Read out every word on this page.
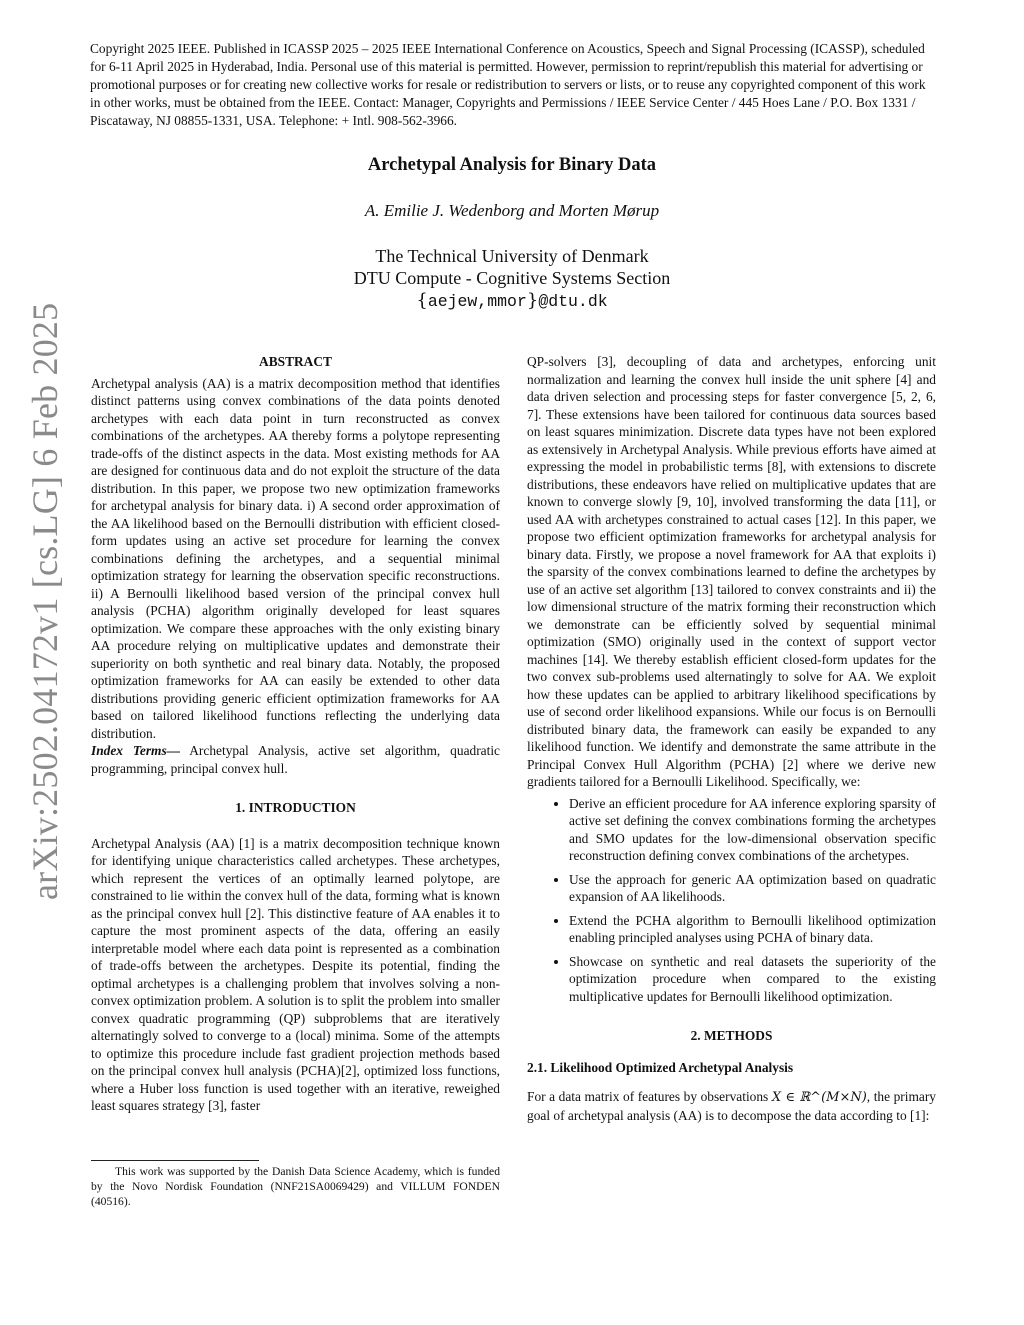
Copyright 2025 IEEE. Published in ICASSP 2025 – 2025 IEEE International Conference on Acoustics, Speech and Signal Processing (ICASSP), scheduled for 6-11 April 2025 in Hyderabad, India. Personal use of this material is permitted. However, permission to reprint/republish this material for advertising or promotional purposes or for creating new collective works for resale or redistribution to servers or lists, or to reuse any copyrighted component of this work in other works, must be obtained from the IEEE. Contact: Manager, Copyrights and Permissions / IEEE Service Center / 445 Hoes Lane / P.O. Box 1331 / Piscataway, NJ 08855-1331, USA. Telephone: + Intl. 908-562-3966.
Archetypal Analysis for Binary Data
A. Emilie J. Wedenborg and Morten Mørup
The Technical University of Denmark
DTU Compute - Cognitive Systems Section
{aejew,mmor}@dtu.dk
arXiv:2502.04172v1 [cs.LG] 6 Feb 2025	ABSTRACT

Archetypal analysis (AA) is a matrix decomposition method that identifies distinct patterns using convex combinations of the data points denoted archetypes with each data point in turn reconstructed as convex combinations of the archetypes. AA thereby forms a polytope representing trade-offs of the distinct aspects in the data. Most existing methods for AA are designed for continuous data and do not exploit the structure of the data distribution. In this paper, we propose two new optimization frameworks for archetypal analysis for binary data. i) A second order approximation of the AA likelihood based on the Bernoulli distribution with efficient closed-form updates using an active set procedure for learning the convex combinations defining the archetypes, and a sequential minimal optimization strategy for learning the observation specific reconstructions. ii) A Bernoulli likelihood based version of the principal convex hull analysis (PCHA) algorithm originally developed for least squares optimization. We compare these approaches with the only existing binary AA procedure relying on multiplicative updates and demonstrate their superiority on both synthetic and real binary data. Notably, the proposed optimization frameworks for AA can easily be extended to other data distributions providing generic efficient optimization frameworks for AA based on tailored likelihood functions reflecting the underlying data distribution.

Index Terms— Archetypal Analysis, active set algorithm, quadratic programming, principal convex hull.

1. INTRODUCTION

Archetypal Analysis (AA) [1] is a matrix decomposition technique known for identifying unique characteristics called archetypes. These archetypes, which represent the vertices of an optimally learned polytope, are constrained to lie within the convex hull of the data, forming what is known as the principal convex hull [2]. This distinctive feature of AA enables it to capture the most prominent aspects of the data, offering an easily interpretable model where each data point is represented as a combination of trade-offs between the archetypes. Despite its potential, finding the optimal archetypes is a challenging problem that involves solving a non-convex optimization problem. A solution is to split the problem into smaller convex quadratic programming (QP) subproblems that are iteratively alternatingly solved to converge to a (local) minima. Some of the attempts to optimize this procedure include fast gradient projection methods based on the principal convex hull analysis (PCHA)[2], optimized loss functions, where a Huber loss function is used together with an iterative, reweighed least squares strategy [3], faster

This work was supported by the Danish Data Science Academy, which is funded by the Novo Nordisk Foundation (NNF21SA0069429) and VILLUM FONDEN (40516).

QP-solvers [3], decoupling of data and archetypes, enforcing unit normalization and learning the convex hull inside the unit sphere [4] and data driven selection and processing steps for faster convergence [5, 2, 6, 7]. These extensions have been tailored for continuous data sources based on least squares minimization. Discrete data types have not been explored as extensively in Archetypal Analysis. While previous efforts have aimed at expressing the model in probabilistic terms [8], with extensions to discrete distributions, these endeavors have relied on multiplicative updates that are known to converge slowly [9, 10], involved transforming the data [11], or used AA with archetypes constrained to actual cases [12]. In this paper, we propose two efficient optimization frameworks for archetypal analysis for binary data. Firstly, we propose a novel framework for AA that exploits i) the sparsity of the convex combinations learned to define the archetypes by use of an active set algorithm [13] tailored to convex constraints and ii) the low dimensional structure of the matrix forming their reconstruction which we demonstrate can be efficiently solved by sequential minimal optimization (SMO) originally used in the context of support vector machines [14]. We thereby establish efficient closed-form updates for the two convex sub-problems used alternatingly to solve for AA. We exploit how these updates can be applied to arbitrary likelihood specifications by use of second order likelihood expansions. While our focus is on Bernoulli distributed binary data, the framework can easily be expanded to any likelihood function. We identify and demonstrate the same attribute in the Principal Convex Hull Algorithm (PCHA) [2] where we derive new gradients tailored for a Bernoulli Likelihood. Specifically, we:

• Derive an efficient procedure for AA inference exploring sparsity of active set defining the convex combinations forming the archetypes and SMO updates for the low-dimensional observation specific reconstruction defining convex combinations of the archetypes.
• Use the approach for generic AA optimization based on quadratic expansion of AA likelihoods.
• Extend the PCHA algorithm to Bernoulli likelihood optimization enabling principled analyses using PCHA of binary data.
• Showcase on synthetic and real datasets the superiority of the optimization procedure when compared to the existing multiplicative updates for Bernoulli likelihood optimization.
2. METHODS
2.1. Likelihood Optimized Archetypal Analysis

For a data matrix of features by observations X ∈ ℝ^(M×N), the primary goal of archetypal analysis (AA) is to decompose the data according to [1]:
